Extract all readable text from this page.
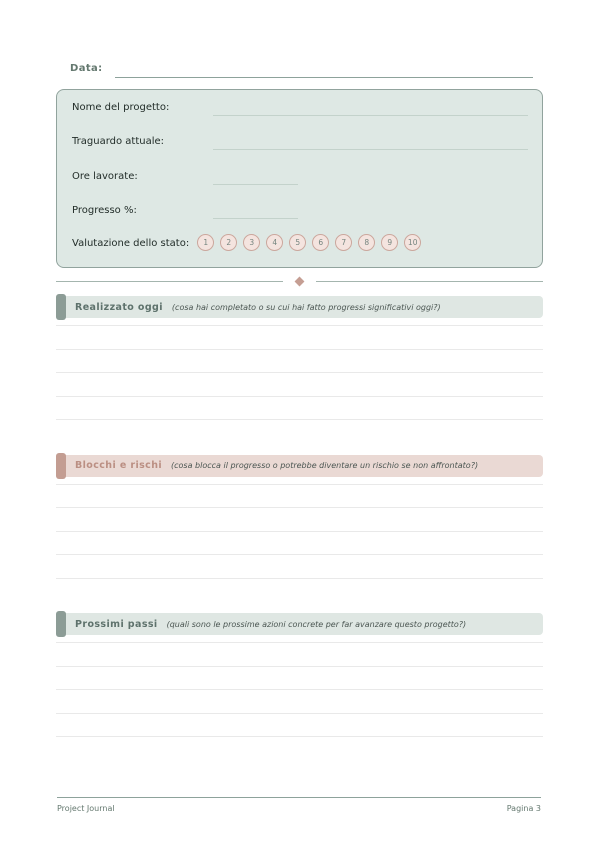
Data:
Nome del progetto:
Traguardo attuale:
Ore lavorate:
Progresso %:
Valutazione dello stato:	1	2	3	4	5	6	7	8	9	10
Realizzato oggi (cosa hai completato o su cui hai fatto progressi significativi oggi?)
Blocchi e rischi (cosa blocca il progresso o potrebbe diventare un rischio se non affrontato?)
Prossimi passi (quali sono le prossime azioni concrete per far avanzare questo progetto?)
Project Journal	Pagina 3
